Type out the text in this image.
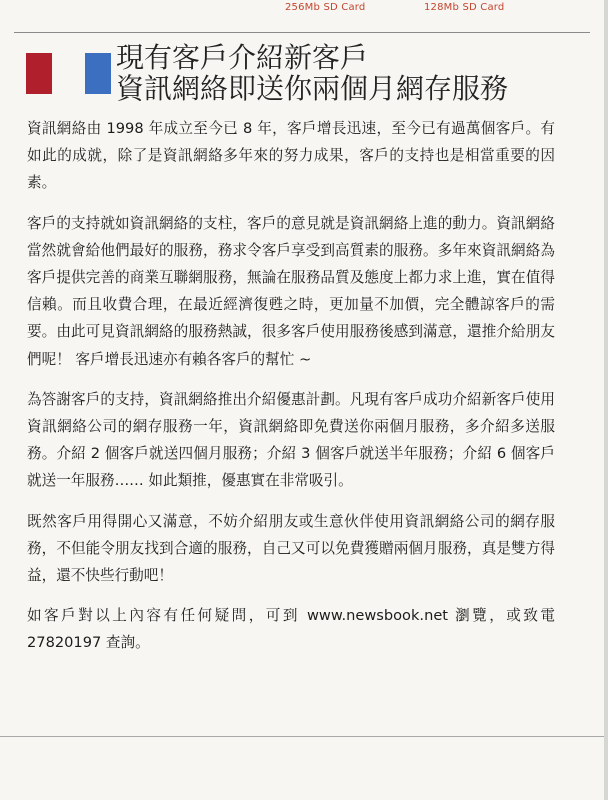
256Mb SD Card	128Mb SD Card
現有客戶介紹新客戶
資訊網絡即送你兩個月網存服務

資訊網絡由 1998 年成立至今已 8 年，客戶增長迅速，至今已有過萬個客戶。有如此的成就，除了是資訊網絡多年來的努力成果，客戶的支持也是相當重要的因素。

客戶的支持就如資訊網絡的支柱，客戶的意見就是資訊網絡上進的動力。資訊網絡當然就會給他們最好的服務，務求令客戶享受到高質素的服務。多年來資訊網絡為客戶提供完善的商業互聯網服務，無論在服務品質及態度上都力求上進，實在值得信賴。而且收費合理，在最近經濟復甦之時，更加量不加價，完全體諒客戶的需要。由此可見資訊網絡的服務熱誠，很多客戶使用服務後感到滿意，還推介給朋友們呢！ 客戶增長迅速亦有賴各客戶的幫忙 ~

為答謝客戶的支持，資訊網絡推出介紹優惠計劃。凡現有客戶成功介紹新客戶使用資訊網絡公司的網存服務一年，資訊網絡即免費送你兩個月服務，多介紹多送服務。介紹 2 個客戶就送四個月服務；介紹 3 個客戶就送半年服務；介紹 6 個客戶就送一年服務…… 如此類推，優惠實在非常吸引。

既然客戶用得開心又滿意，不妨介紹朋友或生意伙伴使用資訊網絡公司的網存服務，不但能令朋友找到合適的服務，自己又可以免費獲贈兩個月服務，真是雙方得益，還不快些行動吧！

如客戶對以上內容有任何疑問，可到 www.newsbook.net 瀏覽，或致電 27820197 查詢。
